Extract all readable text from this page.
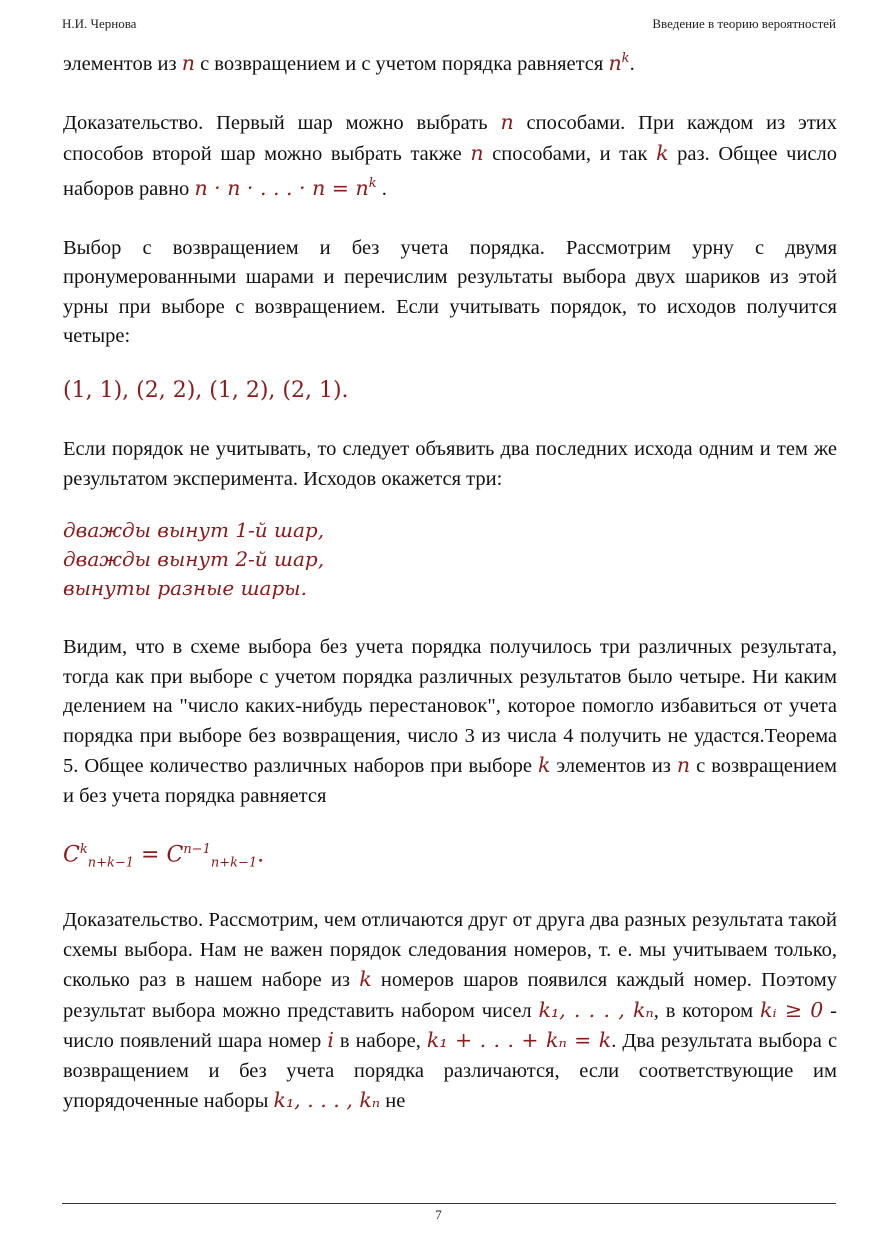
Н.И. Чернова	Введение в теорию вероятностей

элементов из n с возвращением и с учетом порядка равняется $n^k$.

Доказательство. Первый шар можно выбрать n способами. При каждом из этих способов второй шар можно выбрать также n способами, и так k раз. Общее число наборов равно n · n · . . . · $n = n^k$ .

Выбор с возвращением и без учета порядка. Рассмотрим урну с двумя пронумерованными шарами и перечислим результаты выбора двух шариков из этой урны при выборе с возвращением. Если учитывать порядок, то исходов получится четыре:

(1, 1), (2, 2), (1, 2), (2, 1).

Если порядок не учитывать, то следует объявить два последних исхода одним и тем же результатом эксперимента. Исходов окажется три:

дважды вынут 1-й шар,
дважды вынут 2-й шар,
вынуты разные шары.

Видим, что в схеме выбора без учета порядка получилось три различных результата, тогда как при выборе с учетом порядка различных результатов было четыре. Ни каким делением на "число каких-нибудь перестановок", которое помогло избавиться от учета порядка при выборе без возвращения, число 3 из числа 4 получить не удастся.Теорема 5. Общее количество различных наборов при выборе k элементов из n с возвращением и без учета порядка равняется

$C^k_{n+k-1} = C^{n-1}_{n+k-1}$.

Доказательство. Рассмотрим, чем отличаются друг от друга два разных результата такой схемы выбора. Нам не важен порядок следования номеров, т. е. мы учитываем только, сколько раз в нашем наборе из k номеров шаров появился каждый номер. Поэтому результат выбора можно представить набором чисел k₁, . . . , kₙ, в котором kᵢ ≥ 0 - число появлений шара номер i в наборе, k₁ + . . . + kₙ = k. Два результата выбора с возвращением и без учета порядка различаются, если соответствующие им упорядоченные наборы k₁, . . . , kₙ не

7
